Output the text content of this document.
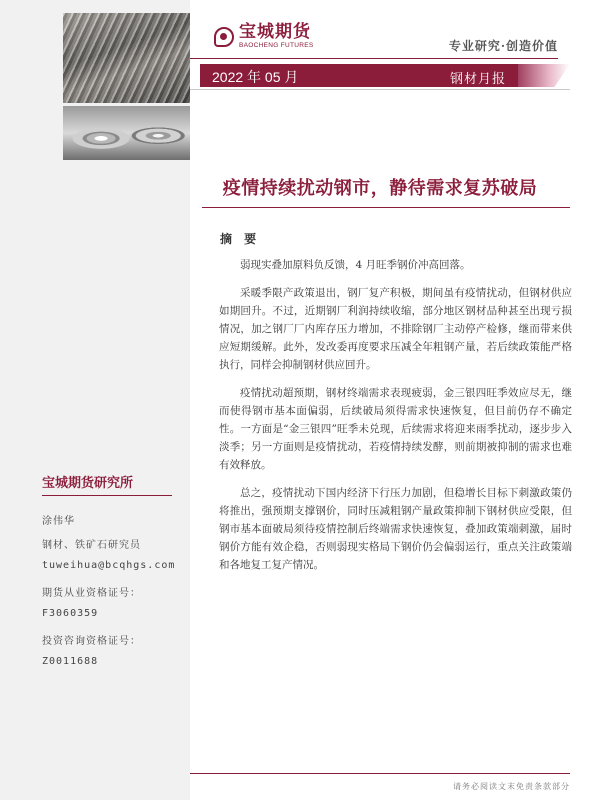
宝城期货
BAOCHENG FUTURES	专业研究·创造价值
2022 年 05 月	钢材月报
疫情持续扰动钢市，静待需求复苏破局
摘 要

弱现实叠加原料负反馈，4 月旺季钢价冲高回落。

采暖季限产政策退出，钢厂复产积极，期间虽有疫情扰动，但钢材供应如期回升。不过，近期钢厂利润持续收缩，部分地区钢材品种甚至出现亏损情况，加之钢厂厂内库存压力增加，不排除钢厂主动停产检修，继而带来供应短期缓解。此外，发改委再度要求压减全年粗钢产量，若后续政策能严格执行，同样会抑制钢材供应回升。

疫情扰动超预期，钢材终端需求表现疲弱，金三银四旺季效应尽无，继而使得钢市基本面偏弱，后续破局须得需求快速恢复，但目前仍存不确定性。一方面是“金三银四”旺季未兑现，后续需求将迎来雨季扰动，逐步步入淡季；另一方面则是疫情扰动，若疫情持续发酵，则前期被抑制的需求也难有效释放。

总之，疫情扰动下国内经济下行压力加剧，但稳增长目标下刺激政策仍将推出，强预期支撑钢价，同时压减粗钢产量政策抑制下钢材供应受限，但钢市基本面破局须待疫情控制后终端需求快速恢复，叠加政策端刺激，届时钢价方能有效企稳，否则弱现实格局下钢价仍会偏弱运行，重点关注政策端和各地复工复产情况。

宝城期货研究所
涂伟华
钢材、铁矿石研究员
tuweihua@bcqhgs.com
期货从业资格证号：
F3060359
投资咨询资格证号：
Z0011688
请务必阅读文末免责条款部分
